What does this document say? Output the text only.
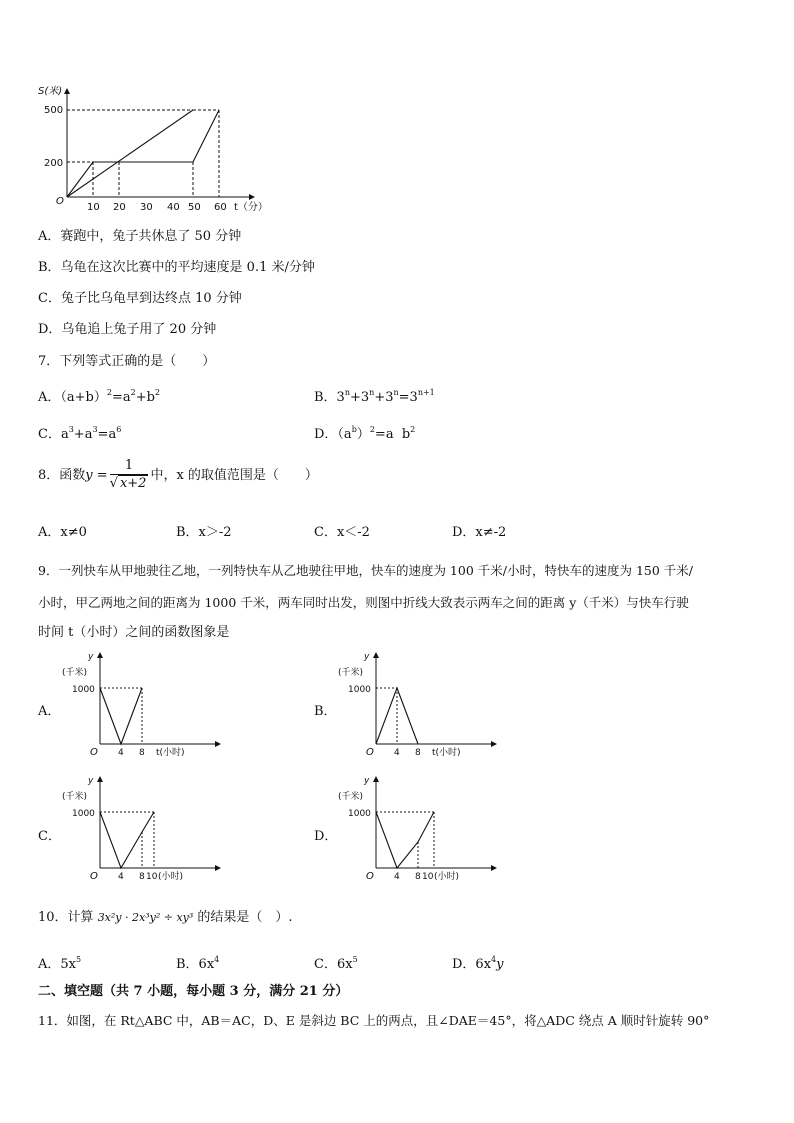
S(米)
O
500
200
10 20 30 40 50 60 t（分）
A．赛跑中，兔子共休息了 50 分钟
B．乌龟在这次比赛中的平均速度是 0.1 米/分钟
C．兔子比乌龟早到达终点 10 分钟
D．乌龟追上兔子用了 20 分钟
7．下列等式正确的是（　　）
A．$(a+b)^2=a^2+b^2$	B．$3^n+3^n+3^n=3^{n+1}$
C．$a^3+a^3=a^6$	D．$(a^b)^2=a$ $b^2$
8．函数$y = \frac{1}{√ x+2}$ 中，x 的取值范围是（　　）
A．x≠0	B．x＞-2	C．x＜-2	D．x≠-2
9．一列快车从甲地驶往乙地，一列特快车从乙地驶往甲地，快车的速度为 100 千米/小时，特快车的速度为 150 千米/
小时，甲乙两地之间的距离为 1000 千米，两车同时出发，则图中折线大致表示两车之间的距离 y（千米）与快车行驶
时间 t（小时）之间的函数图象是
A．	B．
C．	D．
y
(千米)
1000
O 4 8 t(小时)
y
(千米)
1000
O 4 8 t(小时)
y
(千米)
1000
O 4 8 10 (小时)
y
(千米)
1000
O 4 8 10 (小时)
10．计算 3x²y · 2x³y² ÷ xy³ 的结果是（　）.
A．$5x^5$	B．$6x^4$	C．$6x^5$	D．$6x^4y$
二、填空题（共 7 小题，每小题 3 分，满分 21 分）
11．如图，在 Rt△ABC 中，AB＝AC，D、E 是斜边 BC 上的两点，且∠DAE＝45°，将△ADC 绕点 A 顺时针旋转 90°
